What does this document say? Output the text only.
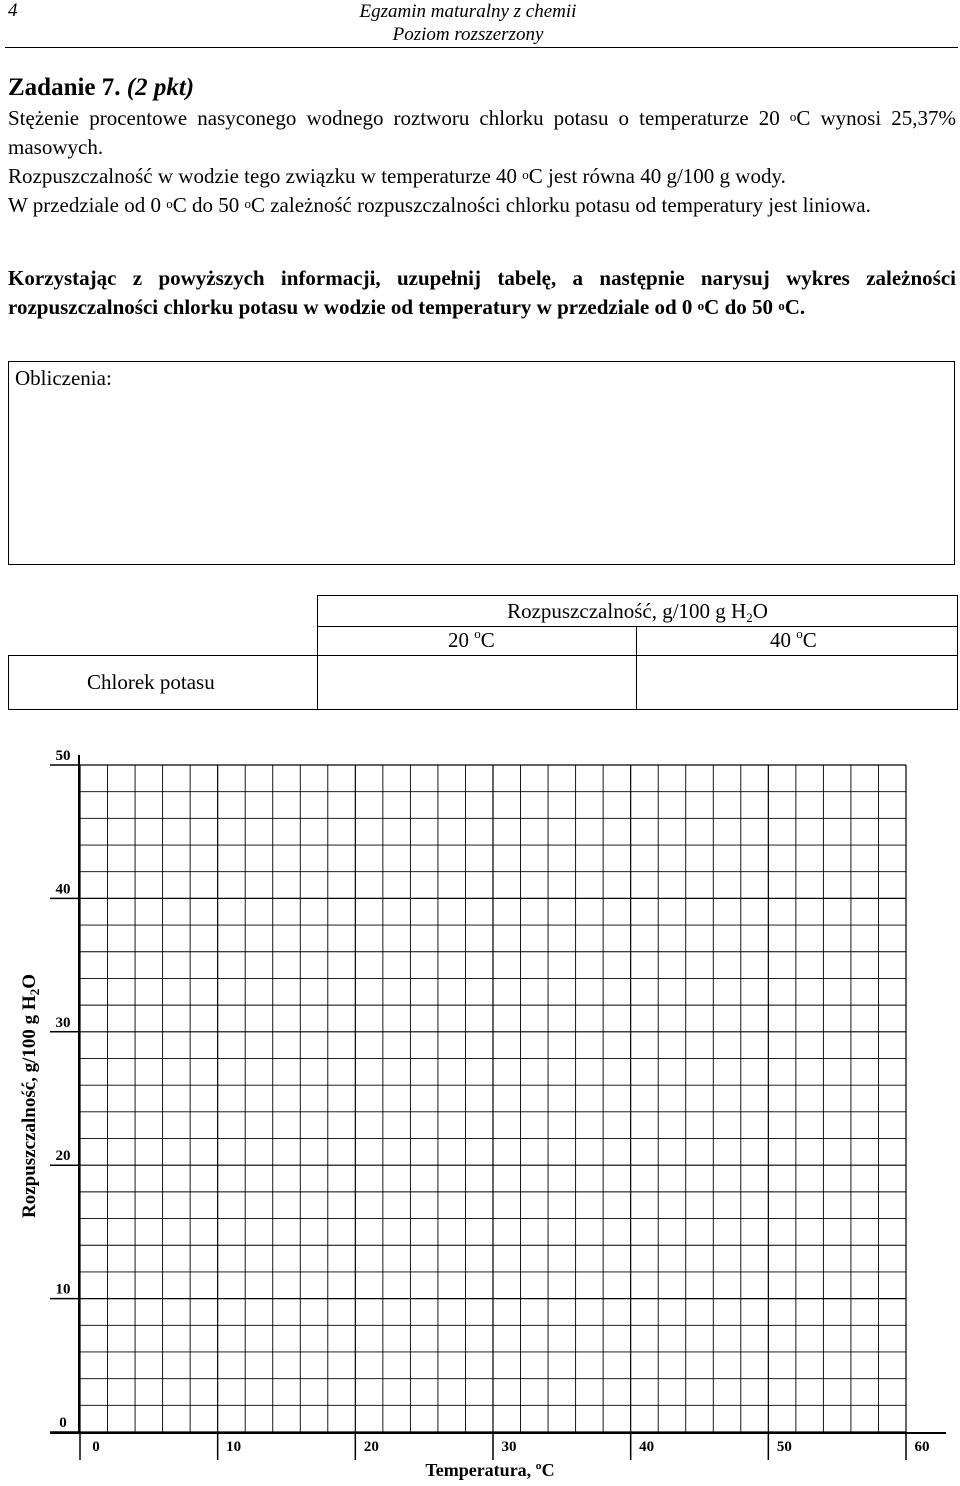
4	Egzamin maturalny z chemii
Poziom rozszerzony
Zadanie 7. (2 pkt)

Stężenie procentowe nasyconego wodnego roztworu chlorku potasu o temperaturze 20 $^o$C wynosi 25,37% masowych.

Rozpuszczalność w wodzie tego związku w temperaturze 40 $^o$C jest równa 40 g/100 g wody.

W przedziale od 0 $^o$C do 50 $^o$C zależność rozpuszczalności chlorku potasu od temperatury jest liniowa.

Korzystając z powyższych informacji, uzupełnij tabelę, a następnie narysuj wykres zależności rozpuszczalności chlorku potasu w wodzie od temperatury w przedziale od 0 $^o$C do 50 $^o$C.

Obliczenia:
Rozpuszczalność, g/100 g $H_2O$
20 $^o$C	40 $^o$C
Chlorek potasu
0
10
20
30
40
50
0	10	20	30	40	50	60
Rozpuszczalność, g/100 g $H_2O$
Temperatura, ºC
